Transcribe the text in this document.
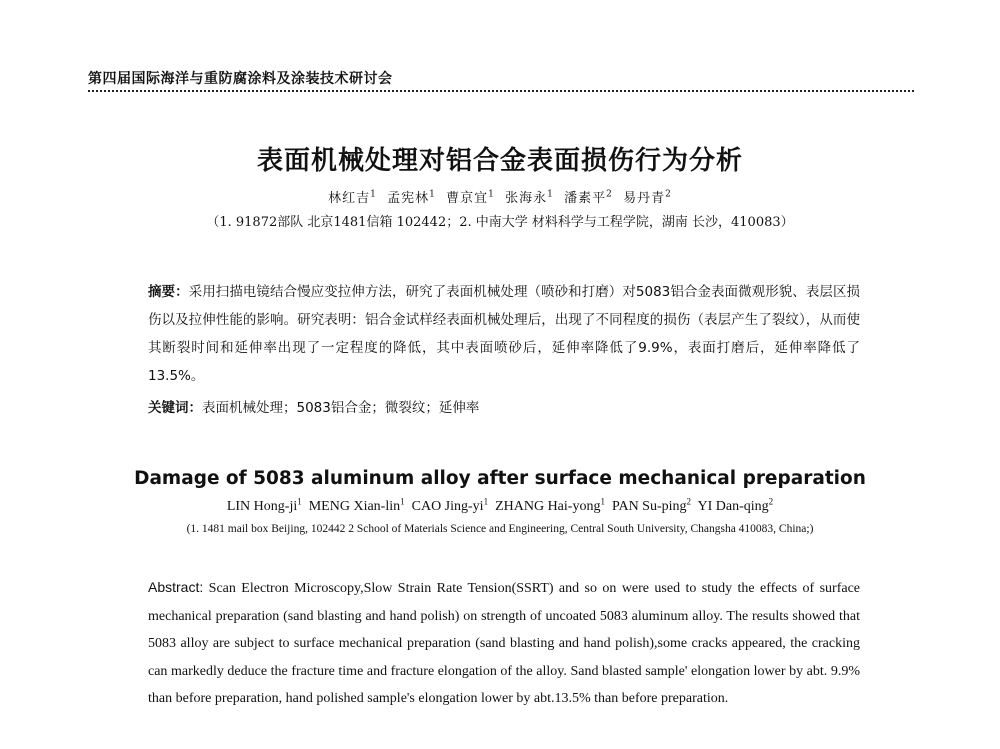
第四届国际海洋与重防腐涂料及涂装技术研讨会
表面机械处理对铝合金表面损伤行为分析
林红吉$^1$ 孟宪林$^1$ 曹京宜$^1$ 张海永$^1$ 潘素平$^2$ 易丹青$^2$
（1. 91872部队 北京1481信箱 102442；2. 中南大学 材料科学与工程学院，湖南 长沙，410083）
摘要：采用扫描电镜结合慢应变拉伸方法，研究了表面机械处理（喷砂和打磨）对5083铝合金表面微观形貌、表层区损伤以及拉伸性能的影响。研究表明：铝合金试样经表面机械处理后，出现了不同程度的损伤（表层产生了裂纹），从而使其断裂时间和延伸率出现了一定程度的降低，其中表面喷砂后，延伸率降低了9.9%，表面打磨后，延伸率降低了13.5%。
关键词：表面机械处理；5083铝合金；微裂纹；延伸率
Damage of 5083 aluminum alloy after surface mechanical preparation
LIN Hong-$ji^1$ MENG Xian-lin$^1$ CAO Jing-$yi^1$ ZHANG Hai-yong$^1$ PAN Su-ping$^2$ YI Dan-qing$^2$
(1. 1481 mail box Beijing, 102442 2 School of Materials Science and Engineering, Central South University, Changsha 410083, China;)
Abstract: Scan Electron Microscopy,Slow Strain Rate Tension(SSRT) and so on were used to study the effects of surface mechanical preparation (sand blasting and hand polish) on strength of uncoated 5083 aluminum alloy. The results showed that 5083 alloy are subject to surface mechanical preparation (sand blasting and hand polish),some cracks appeared, the cracking can markedly deduce the fracture time and fracture elongation of the alloy. Sand blasted sample' elongation lower by abt. 9.9% than before preparation, hand polished sample's elongation lower by abt.13.5% than before preparation.
